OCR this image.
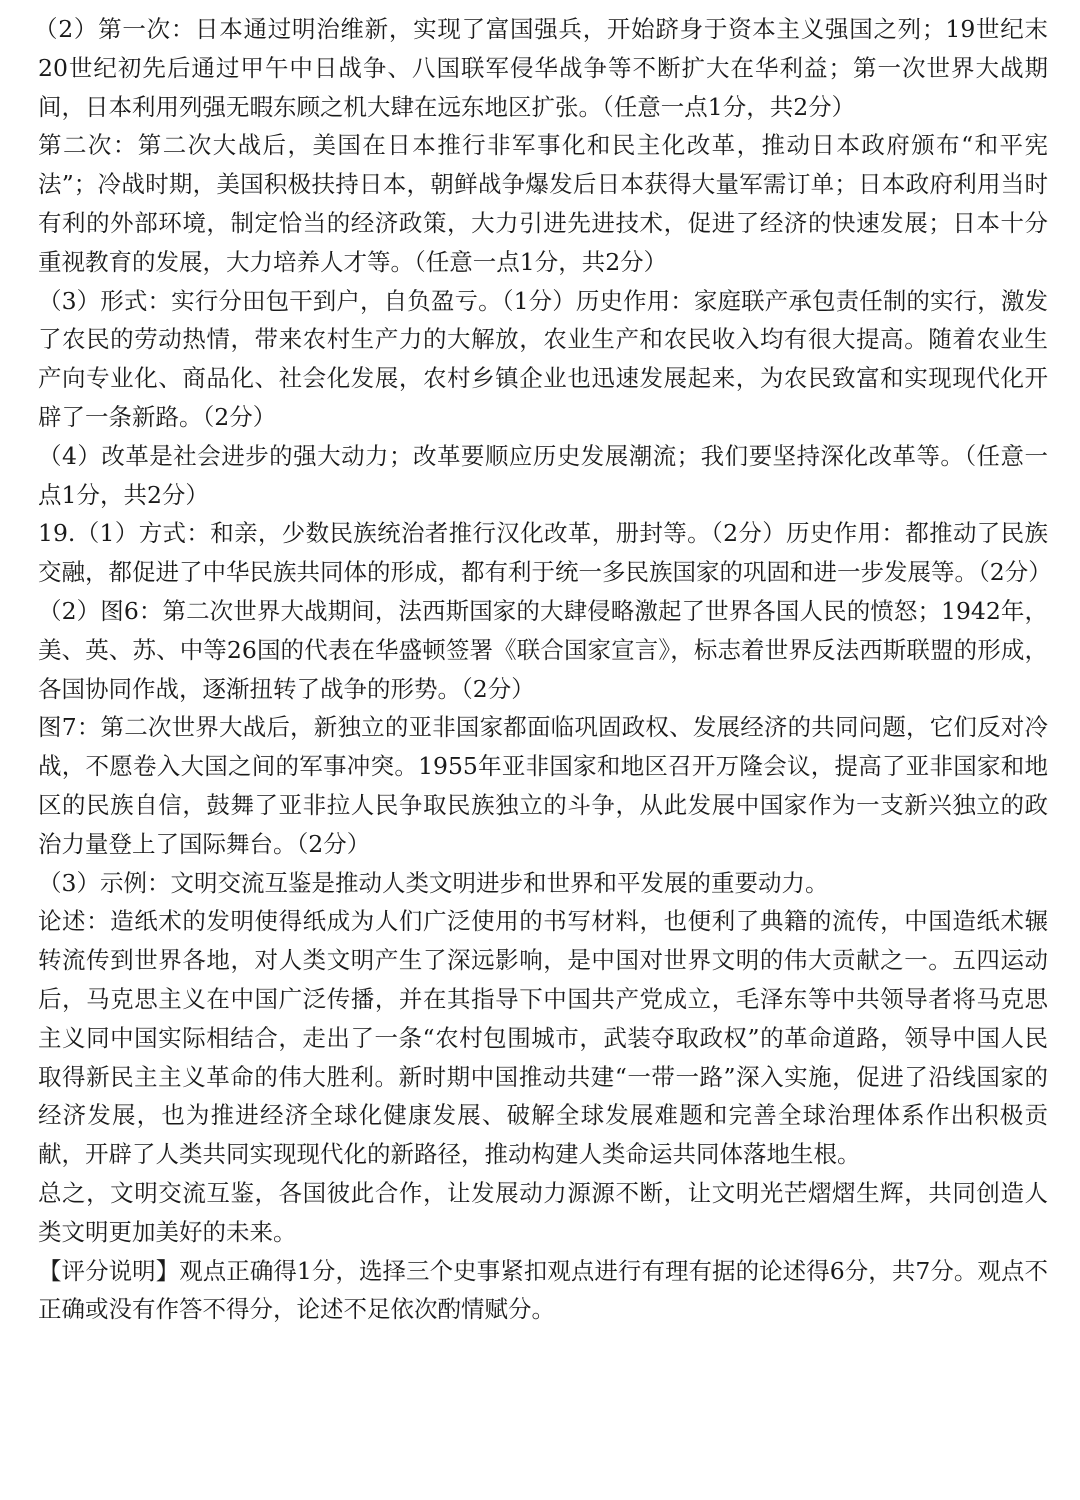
（2）第一次：日本通过明治维新，实现了富国强兵，开始跻身于资本主义强国之列；19世纪末20世纪初先后通过甲午中日战争、八国联军侵华战争等不断扩大在华利益；第一次世界大战期间，日本利用列强无暇东顾之机大肆在远东地区扩张。（任意一点1分，共2分）

第二次：第二次大战后，美国在日本推行非军事化和民主化改革，推动日本政府颁布“和平宪法”；冷战时期，美国积极扶持日本，朝鲜战争爆发后日本获得大量军需订单；日本政府利用当时有利的外部环境，制定恰当的经济政策，大力引进先进技术，促进了经济的快速发展；日本十分重视教育的发展，大力培养人才等。（任意一点1分，共2分）

（3）形式：实行分田包干到户，自负盈亏。（1分）历史作用：家庭联产承包责任制的实行，激发了农民的劳动热情，带来农村生产力的大解放，农业生产和农民收入均有很大提高。随着农业生产向专业化、商品化、社会化发展，农村乡镇企业也迅速发展起来，为农民致富和实现现代化开辟了一条新路。（2分）

（4）改革是社会进步的强大动力；改革要顺应历史发展潮流；我们要坚持深化改革等。（任意一点1分，共2分）

19.（1）方式：和亲，少数民族统治者推行汉化改革，册封等。（2分）历史作用：都推动了民族交融，都促进了中华民族共同体的形成，都有利于统一多民族国家的巩固和进一步发展等。（2分）

（2）图6：第二次世界大战期间，法西斯国家的大肆侵略激起了世界各国人民的愤怒；1942年，美、英、苏、中等26国的代表在华盛顿签署《联合国家宣言》，标志着世界反法西斯联盟的形成，各国协同作战，逐渐扭转了战争的形势。（2分）

图7：第二次世界大战后，新独立的亚非国家都面临巩固政权、发展经济的共同问题，它们反对冷战，不愿卷入大国之间的军事冲突。1955年亚非国家和地区召开万隆会议，提高了亚非国家和地区的民族自信，鼓舞了亚非拉人民争取民族独立的斗争，从此发展中国家作为一支新兴独立的政治力量登上了国际舞台。（2分）

（3）示例：文明交流互鉴是推动人类文明进步和世界和平发展的重要动力。

论述：造纸术的发明使得纸成为人们广泛使用的书写材料，也便利了典籍的流传，中国造纸术辗转流传到世界各地，对人类文明产生了深远影响，是中国对世界文明的伟大贡献之一。五四运动后，马克思主义在中国广泛传播，并在其指导下中国共产党成立，毛泽东等中共领导者将马克思主义同中国实际相结合，走出了一条“农村包围城市，武装夺取政权”的革命道路，领导中国人民取得新民主主义革命的伟大胜利。新时期中国推动共建“一带一路”深入实施，促进了沿线国家的经济发展，也为推进经济全球化健康发展、破解全球发展难题和完善全球治理体系作出积极贡献，开辟了人类共同实现现代化的新路径，推动构建人类命运共同体落地生根。

总之，文明交流互鉴，各国彼此合作，让发展动力源源不断，让文明光芒熠熠生辉，共同创造人类文明更加美好的未来。

【评分说明】观点正确得1分，选择三个史事紧扣观点进行有理有据的论述得6分，共7分。观点不正确或没有作答不得分，论述不足依次酌情赋分。
